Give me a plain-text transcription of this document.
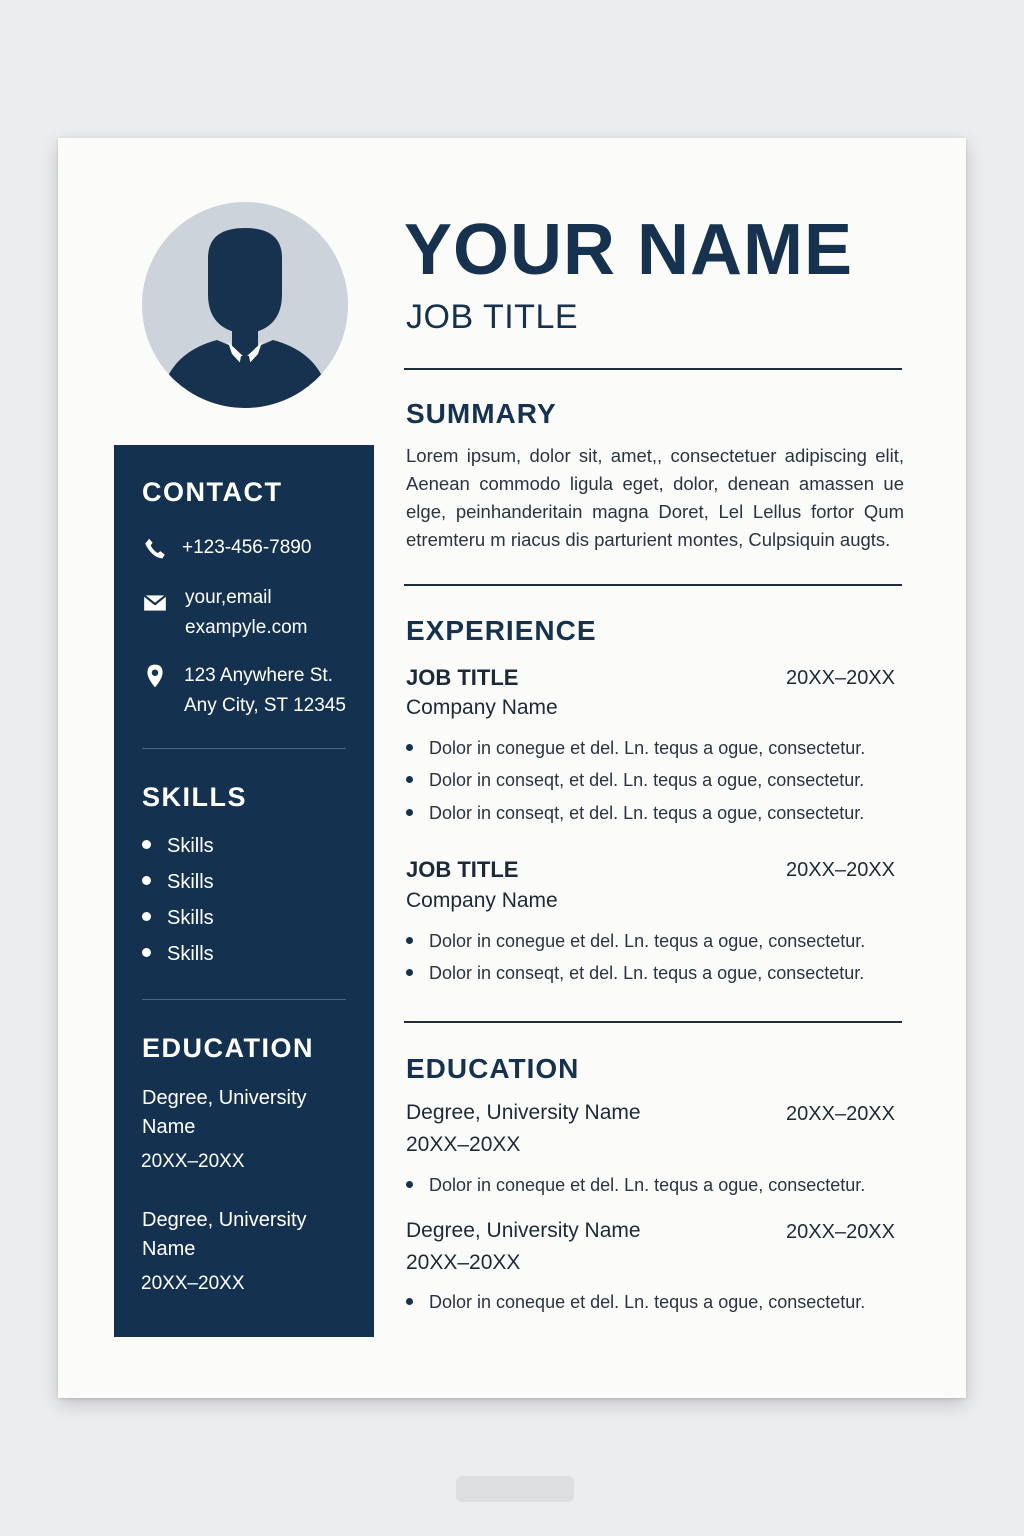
CONTACT
+123-456-7890
your,email
exampyle.com
123 Anywhere St.
Any City, ST 12345
SKILLS
Skills
Skills
Skills
Skills
EDUCATION
Degree, University
Name
20XX–20XX
Degree, University
Name
20XX–20XX
YOUR NAME
JOB TITLE
SUMMARY

Lorem ipsum, dolor sit, amet,, consectetuer adipiscing elit, Aenean commodo ligula eget, dolor, denean amassen ue elge, peinhanderitain magna Doret, Lel Lellus fortor Qum etremteru m riacus dis parturient montes, Culpsiquin augts.

EXPERIENCE
JOB TITLE	20XX–20XX
Company Name
Dolor in conegue et del. Ln. tequs a ogue, consectetur.
Dolor in conseqt, et del. Ln. tequs a ogue, consectetur.
Dolor in conseqt, et del. Ln. tequs a ogue, consectetur.
JOB TITLE	20XX–20XX
Company Name
Dolor in conegue et del. Ln. tequs a ogue, consectetur.
Dolor in conseqt, et del. Ln. tequs a ogue, consectetur.
EDUCATION
Degree, University Name	20XX–20XX
20XX–20XX
Dolor in conequе et del. Ln. tequs a ogue, consectetur.
Degree, University Name	20XX–20XX
20XX–20XX
Dolor in coneque et del. Ln. tequs a ogue, consectetur.
